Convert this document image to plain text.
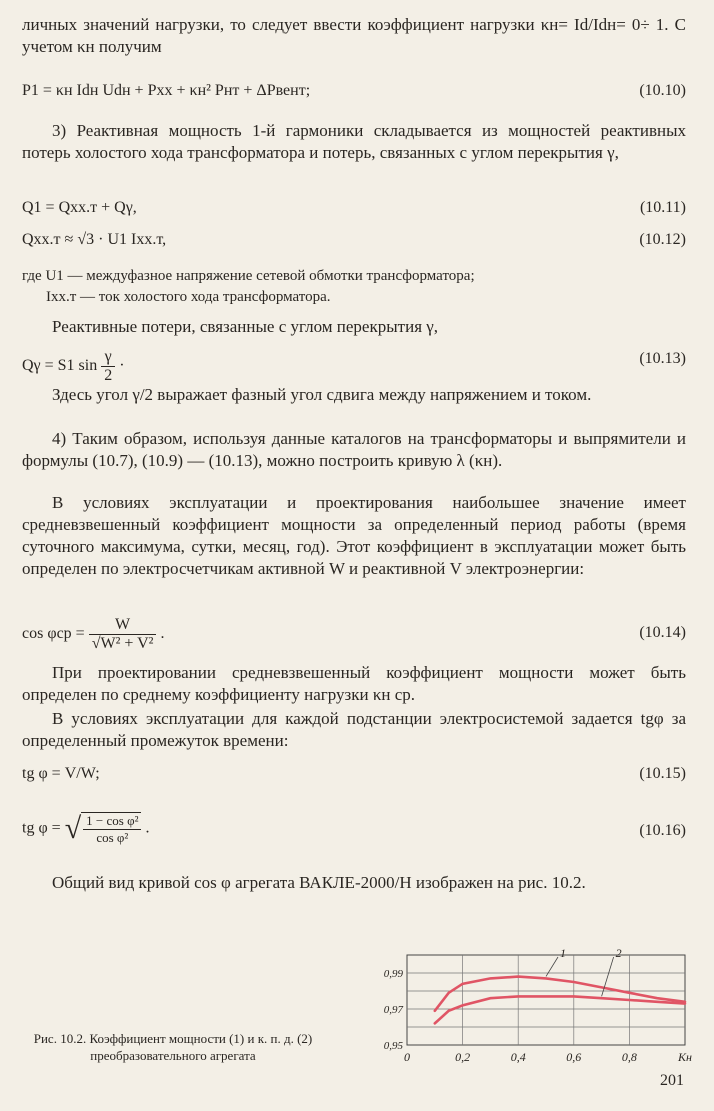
личных значений нагрузки, то следует ввести коэффициент нагрузки κн= Id/Idн= 0÷ 1. С учетом κн получим

P1 = κн Idн Udн + Pхх + κн² Pнт + ΔPвент;	(10.10)

3) Реактивная мощность 1-й гармоники складывается из мощностей реактивных потерь холостого хода трансформатора и потерь, связанных с углом перекрытия γ,

Q1 = Qхх.т + Qγ,	(10.11)
Qхх.т ≈ √3 · U1 Iхх.т,	(10.12)

где U1 — междуфазное напряжение сетевой обмотки трансформатора;

Iхх.т — ток холостого хода трансформатора.

Реактивные потери, связанные с углом перекрытия γ,

Qγ = S1 $\sin \frac{\gamma}{2}$ ·	(10.13)

Здесь угол γ/2 выражает фазный угол сдвига между напряжением и током.

4) Таким образом, используя данные каталогов на трансформаторы и выпрямители и формулы (10.7), (10.9) — (10.13), можно построить кривую λ (κн).

В условиях эксплуатации и проектирования наибольшее значение имеет средневзвешенный коэффициент мощности за определенный период работы (время суточного максимума, сутки, месяц, год). Этот коэффициент в эксплуатации может быть определен по электросчетчикам активной W и реактивной V электроэнергии:

$\cos \varphi ср = \frac{W}{\text{√W² + V²}}$ .	(10.14)

При проектировании средневзвешенный коэффициент мощности может быть определен по среднему коэффициенту нагрузки κн ср.

В условиях эксплуатации для каждой подстанции электросистемой задается tgφ за определенный промежуток времени:

tg φ = V/W;	(10.15)
tg φ = √ $\frac{\text{1 − cos φ²}}{\text{cos φ²}}$ .	(10.16)

Общий вид кривой cos φ агрегата ВАКЛЕ-2000/Н изображен на рис. 10.2.

0,99
0,97
0,95
0	0,2	0,4	0,6	0,8	Kн
1	2

Рис. 10.2. Коэффициент мощности (1) и к. п. д. (2) преобразовательного агрегата

201
